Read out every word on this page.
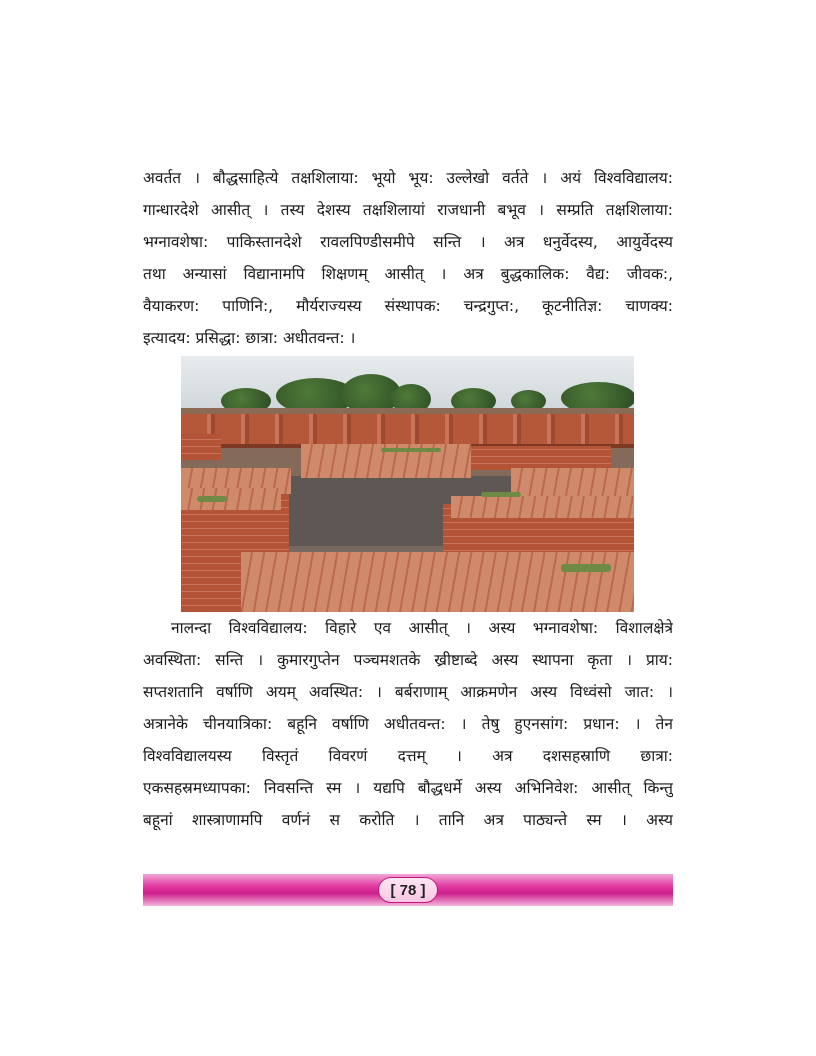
अवर्तत । बौद्धसाहित्ये तक्षशिलाया: भूयो भूय: उल्लेखो वर्तते । अयं विश्वविद्यालय:
गान्धारदेशे आसीत् । तस्य देशस्य तक्षशिलायां राजधानी बभूव । सम्प्रति तक्षशिलाया:
भग्नावशेषा: पाकिस्तानदेशे रावलपिण्डीसमीपे सन्ति । अत्र धनुर्वेदस्य, आयुर्वेदस्य
तथा अन्यासां विद्यानामपि शिक्षणम् आसीत् । अत्र बुद्धकालिक: वैद्य: जीवक:,
वैयाकरण: पाणिनि:, मौर्यराज्यस्य संस्थापक: चन्द्रगुप्त:, कूटनीतिज्ञ: चाणक्य:
इत्यादय: प्रसिद्धा: छात्रा: अधीतवन्त: ।
नालन्दा विश्वविद्यालय: विहारे एव आसीत् । अस्य भग्नावशेषा: विशालक्षेत्रे
अवस्थिता: सन्ति । कुमारगुप्तेन पञ्चमशतके ख्रीष्टाब्दे अस्य स्थापना कृता । प्राय:
सप्तशतानि वर्षाणि अयम् अवस्थित: । बर्बराणाम् आक्रमणेन अस्य विध्वंसो जात: ।
अत्रानेके चीनयात्रिका: बहूनि वर्षाणि अधीतवन्त: । तेषु हुएनसांग: प्रधान: । तेन
विश्वविद्यालयस्य विस्तृतं विवरणं दत्तम् । अत्र दशसहस्राणि छात्रा:
एकसहस्रमध्यापका: निवसन्ति स्म । यद्यपि बौद्धधर्मे अस्य अभिनिवेश: आसीत् किन्तु
बहूनां शास्त्राणामपि वर्णनं स करोति । तानि अत्र पाठ्यन्ते स्म । अस्य
[ 78 ]
